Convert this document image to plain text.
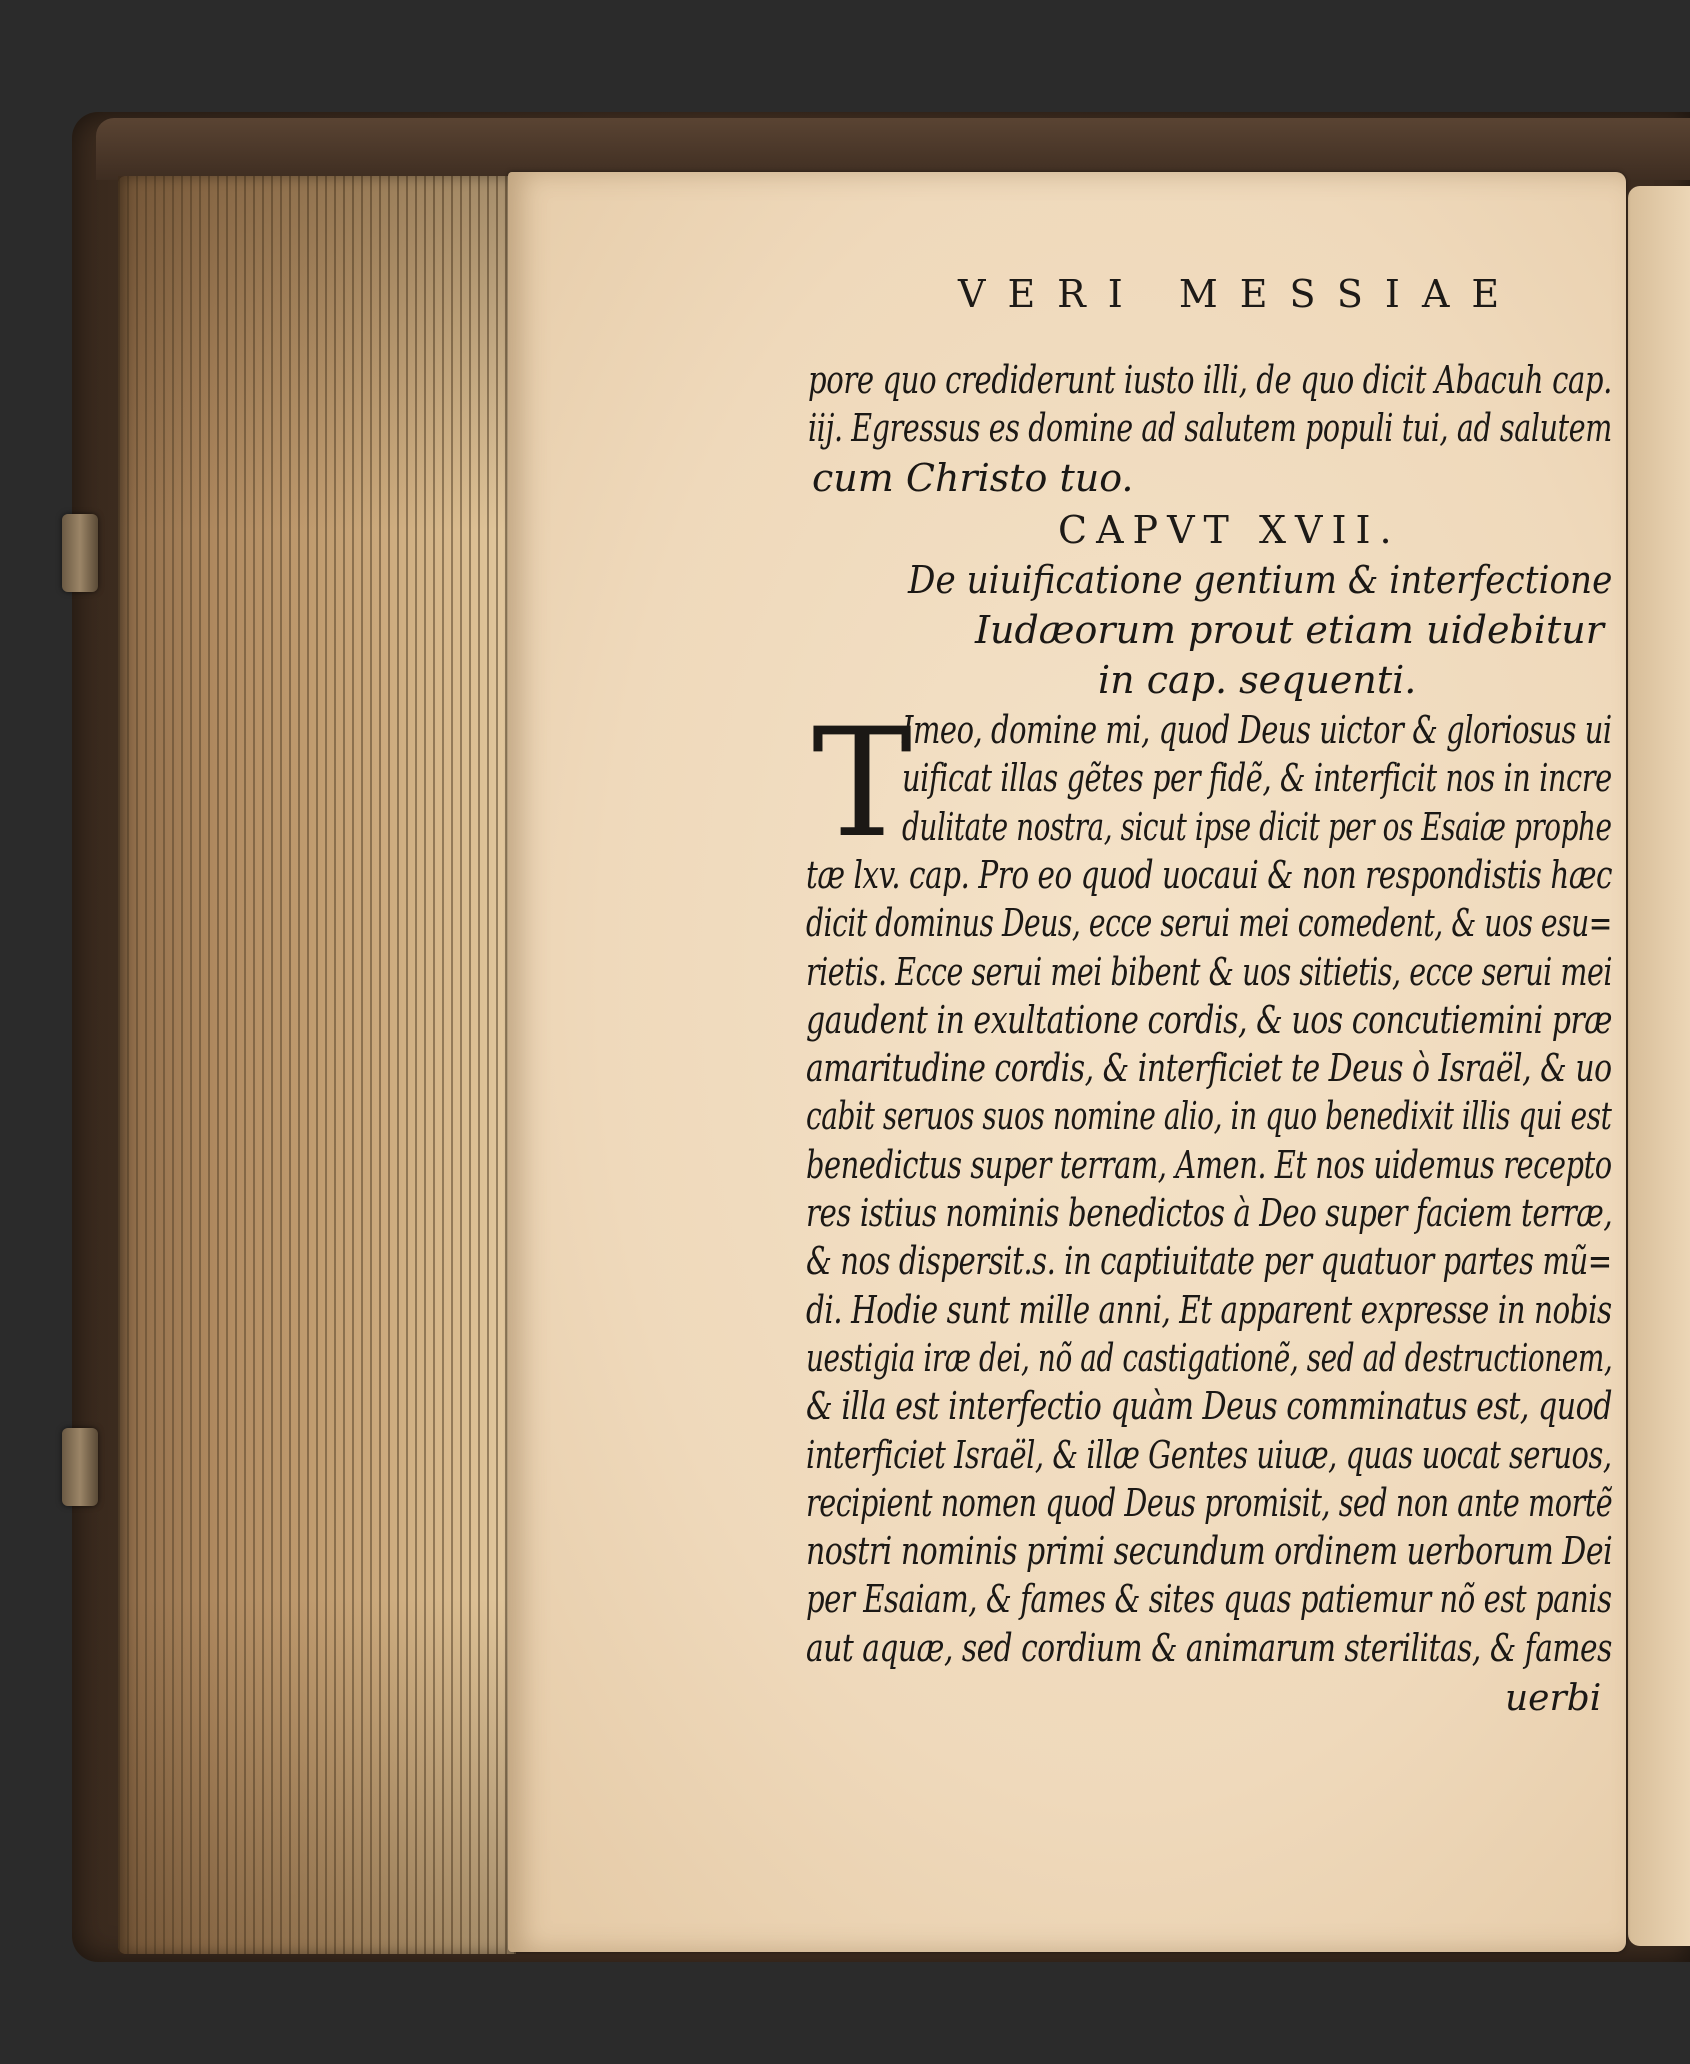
VERI MESSIAE
pore quo crediderunt iusto illi, de quo dicit Abacuh cap.
iij. Egressus es domine ad salutem populi tui, ad salutem
cum Christo tuo.
CAPVT XVII.
De uiuificatione gentium & interfectione
Iudæorum prout etiam uidebitur
in cap. sequenti.
T
Imeo, domine mi, quod Deus uictor & gloriosus ui
uificat illas gẽtes per fidẽ, & interficit nos in incre
dulitate nostra, sicut ipse dicit per os Esaiæ prophe
tæ lxv. cap. Pro eo quod uocaui & non respondistis hæc
dicit dominus Deus, ecce serui mei comedent, & uos esu=
rietis. Ecce serui mei bibent & uos sitietis, ecce serui mei
gaudent in exultatione cordis, & uos concutiemini præ
amaritudine cordis, & interficiet te Deus ò Israël, & uo
cabit seruos suos nomine alio, in quo benedixit illis qui est
benedictus super terram, Amen. Et nos uidemus recepto
res istius nominis benedictos à Deo super faciem terræ,
& nos dispersit.s. in captiuitate per quatuor partes mũ=
di. Hodie sunt mille anni, Et apparent expresse in nobis
uestigia iræ dei, nõ ad castigationẽ, sed ad destructionem,
& illa est interfectio quàm Deus comminatus est, quod
interficiet Israël, & illæ Gentes uiuæ, quas uocat seruos,
recipient nomen quod Deus promisit, sed non ante mortẽ
nostri nominis primi secundum ordinem uerborum Dei
per Esaiam, & fames & sites quas patiemur nõ est panis
aut aquæ, sed cordium & animarum sterilitas, & fames
uerbi
